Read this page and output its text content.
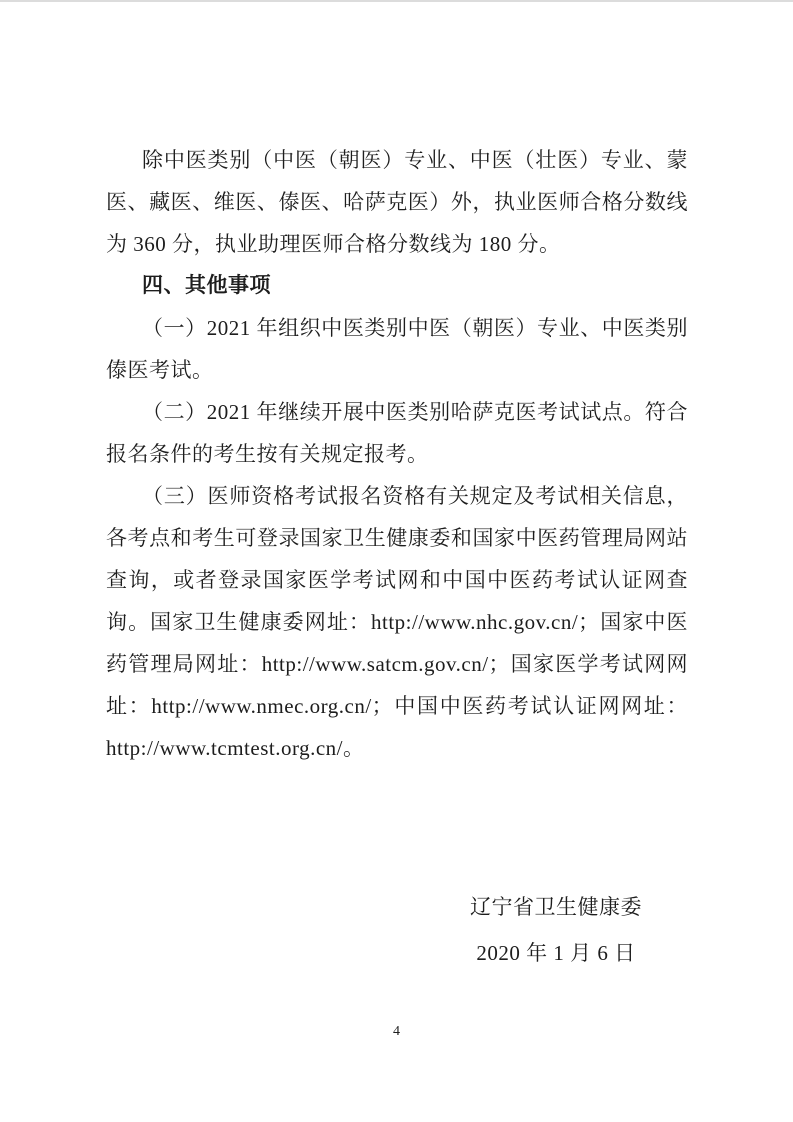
除中医类别（中医（朝医）专业、中医（壮医）专业、蒙医、藏医、维医、傣医、哈萨克医）外，执业医师合格分数线为 360 分，执业助理医师合格分数线为 180 分。

四、其他事项

（一）2021 年组织中医类别中医（朝医）专业、中医类别傣医考试。

（二）2021 年继续开展中医类别哈萨克医考试试点。符合报名条件的考生按有关规定报考。

（三）医师资格考试报名资格有关规定及考试相关信息，各考点和考生可登录国家卫生健康委和国家中医药管理局网站查询，或者登录国家医学考试网和中国中医药考试认证网查询。国家卫生健康委网址：http://www.nhc.gov.cn/；国家中医药管理局网址：http://www.satcm.gov.cn/；国家医学考试网网址：http://www.nmec.org.cn/；中国中医药考试认证网网址：http://www.tcmtest.org.cn/。

辽宁省卫生健康委
2020 年 1 月 6 日
4
